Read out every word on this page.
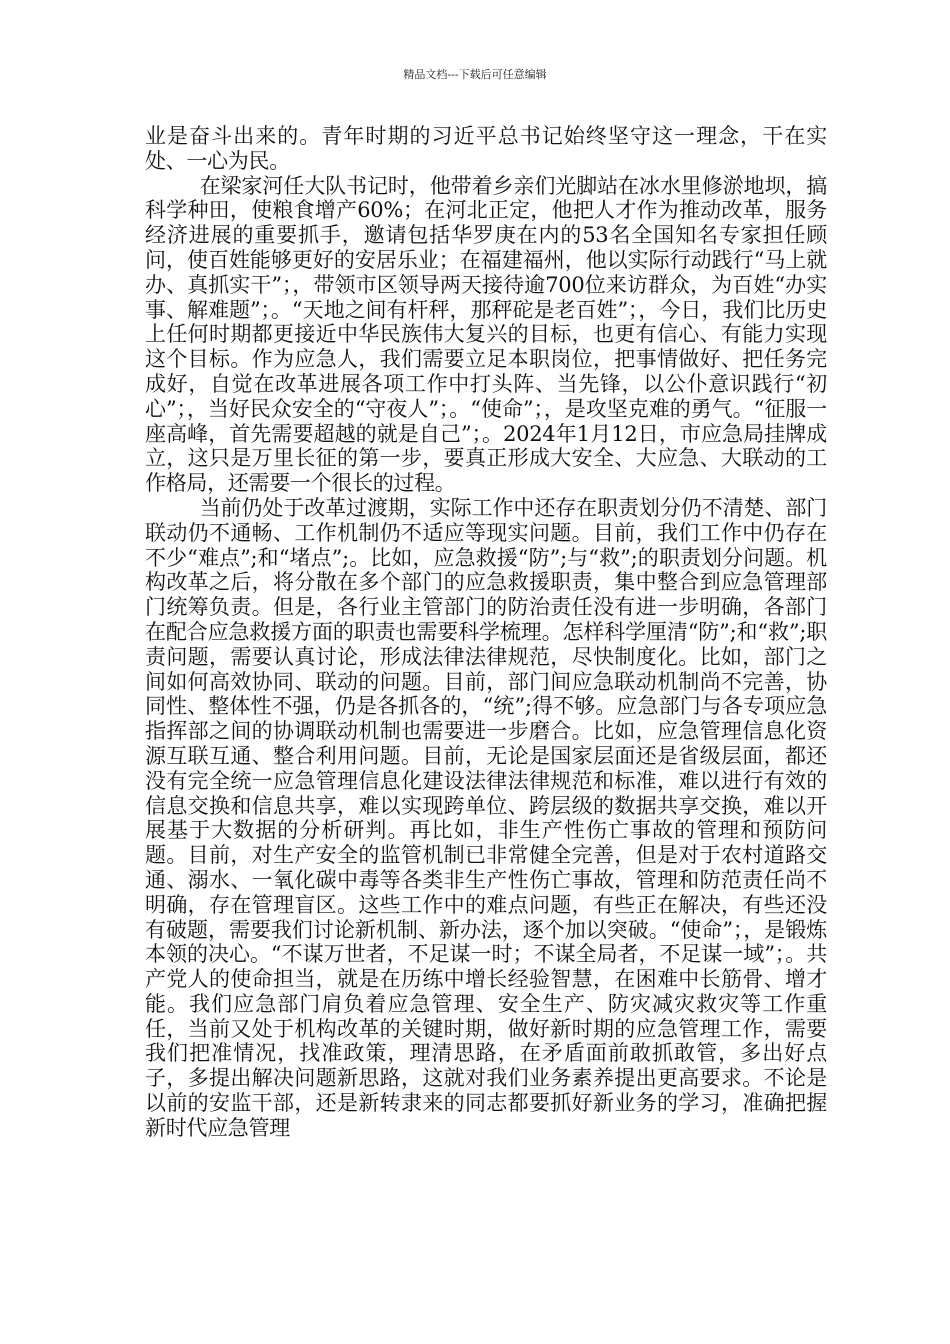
精品文档---下载后可任意编辑

业是奋斗出来的。青年时期的习近平总书记始终坚守这一理念，干在实处、一心为民。

在梁家河任大队书记时，他带着乡亲们光脚站在冰水里修淤地坝，搞科学种田，使粮食增产60%；在河北正定，他把人才作为推动改革，服务经济进展的重要抓手，邀请包括华罗庚在内的53名全国知名专家担任顾问，使百姓能够更好的安居乐业；在福建福州，他以实际行动践行“马上就办、真抓实干”；，带领市区领导两天接待逾700位来访群众，为百姓“办实事、解难题”；。“天地之间有杆秤，那秤砣是老百姓”；，今日，我们比历史上任何时期都更接近中华民族伟大复兴的目标，也更有信心、有能力实现这个目标。作为应急人，我们需要立足本职岗位，把事情做好、把任务完成好，自觉在改革进展各项工作中打头阵、当先锋，以公仆意识践行“初心”；，当好民众安全的“守夜人”；。“使命”；，是攻坚克难的勇气。“征服一座高峰，首先需要超越的就是自己”；。2024年1月12日，市应急局挂牌成立，这只是万里长征的第一步，要真正形成大安全、大应急、大联动的工作格局，还需要一个很长的过程。

当前仍处于改革过渡期，实际工作中还存在职责划分仍不清楚、部门联动仍不通畅、工作机制仍不适应等现实问题。目前，我们工作中仍存在不少“难点”;和“堵点”;。比如，应急救援“防”;与“救”;的职责划分问题。机构改革之后，将分散在多个部门的应急救援职责，集中整合到应急管理部门统筹负责。但是，各行业主管部门的防治责任没有进一步明确，各部门在配合应急救援方面的职责也需要科学梳理。怎样科学厘清“防”;和“救”;职责问题，需要认真讨论，形成法律法律规范，尽快制度化。比如，部门之间如何高效协同、联动的问题。目前，部门间应急联动机制尚不完善，协同性、整体性不强，仍是各抓各的，“统”;得不够。应急部门与各专项应急指挥部之间的协调联动机制也需要进一步磨合。比如，应急管理信息化资源互联互通、整合利用问题。目前，无论是国家层面还是省级层面，都还没有完全统一应急管理信息化建设法律法律规范和标准，难以进行有效的信息交换和信息共享，难以实现跨单位、跨层级的数据共享交换，难以开展基于大数据的分析研判。再比如，非生产性伤亡事故的管理和预防问题。目前，对生产安全的监管机制已非常健全完善，但是对于农村道路交通、溺水、一氧化碳中毒等各类非生产性伤亡事故，管理和防范责任尚不明确，存在管理盲区。这些工作中的难点问题，有些正在解决，有些还没有破题，需要我们讨论新机制、新办法，逐个加以突破。“使命”；，是锻炼本领的决心。“不谋万世者，不足谋一时；不谋全局者，不足谋一域”；。共产党人的使命担当，就是在历练中增长经验智慧，在困难中长筋骨、增才能。我们应急部门肩负着应急管理、安全生产、防灾减灾救灾等工作重任，当前又处于机构改革的关键时期，做好新时期的应急管理工作，需要我们把准情况，找准政策，理清思路，在矛盾面前敢抓敢管，多出好点子，多提出解决问题新思路，这就对我们业务素养提出更高要求。不论是以前的安监干部，还是新转隶来的同志都要抓好新业务的学习，准确把握新时代应急管理
